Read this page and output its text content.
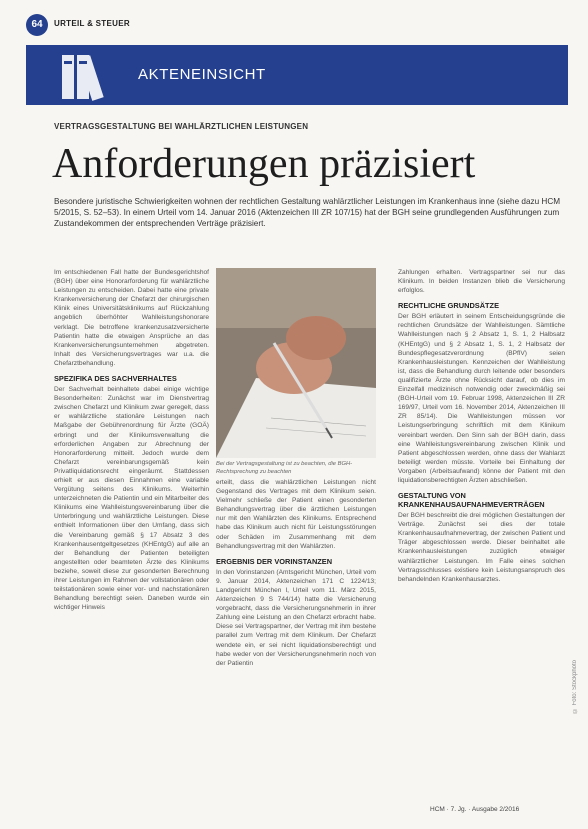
64	URTEIL & STEUER
AKTENEINSICHT
VERTRAGSGESTALTUNG BEI WAHLÄRZTLICHEN LEISTUNGEN
Anforderungen präzisiert
Besondere juristische Schwierigkeiten wohnen der rechtlichen Gestaltung wahlärztlicher Leistungen im Krankenhaus inne (siehe dazu HCM 5/2015, S. 52–53). In einem Urteil vom 14. Januar 2016 (Aktenzeichen III ZR 107/15) hat der BGH seine grundlegenden Ausführungen zum Zustandekommen der entsprechenden Verträge präzisiert.

Im entschiedenen Fall hatte der Bundesgerichtshof (BGH) über eine Honorarforderung für wahlärztliche Leistungen zu entscheiden. Dabei hatte eine private Krankenversicherung der Chefarzt der chirurgischen Klinik eines Universitätsklinikums auf Rückzahlung angeblich überhöhter Wahlleistungshonorare verklagt. Die betroffene krankenzusatzversicherte Patientin hatte die etwaigen Ansprüche an das Krankenversicherungsunternehmen abgetreten. Inhalt des Versicherungsvertrages war u.a. die Chefarztbehandlung.

SPEZIFIKA DES SACHVERHALTES

Der Sachverhalt beinhaltete dabei einige wichtige Besonderheiten: Zunächst war im Dienstvertrag zwischen Chefarzt und Klinikum zwar geregelt, dass er wahlärztliche stationäre Leistungen nach Maßgabe der Gebührenordnung für Ärzte (GOÄ) erbringt und der Klinikumsverwaltung die erforderlichen Angaben zur Abrechnung der Honorarforderung mitteilt. Jedoch wurde dem Chefarzt vereinbarungsgemäß kein Privatliquidationsrecht eingeräumt. Stattdessen erhielt er aus diesen Einnahmen eine variable Vergütung seitens des Klinikums. Weiterhin unterzeichneten die Patientin und ein Mitarbeiter des Klinikums eine Wahlleistungsvereinbarung über die Unterbringung und wahlärztliche Leistungen. Diese enthielt Informationen über den Umfang, dass sich die Vereinbarung gemäß § 17 Absatz 3 des Krankenhausentgeltgesetzes (KHEntgG) auf alle an der Behandlung der Patienten beteiligten angestellten oder beamteten Ärzte des Klinikums beziehe, soweit diese zur gesonderten Berechnung ihrer Leistungen im Rahmen der vollstationären oder teilstationären sowie einer vor- und nachstationären Behandlung berechtigt seien. Daneben wurde ein wichtiger Hinweis

Bei der Vertragsgestaltung ist zu beachten, die BGH-Rechtsprechung zu beachten

erteilt, dass die wahlärztlichen Leistungen nicht Gegenstand des Vertrages mit dem Klinikum seien. Vielmehr schließe der Patient einen gesonderten Behandlungsvertrag über die ärztlichen Leistungen nur mit den Wahlärzten des Klinikums. Entsprechend habe das Klinikum auch nicht für Leistungsstörungen oder Schäden im Zusammenhang mit dem Behandlungsvertrag mit den Wahlärzten.

ERGEBNIS DER VORINSTANZEN

In den Vorinstanzen (Amtsgericht München, Urteil vom 9. Januar 2014, Aktenzeichen 171 C 1224/13; Landgericht München I, Urteil vom 11. März 2015, Aktenzeichen 9 S 744/14) hatte die Versicherung vorgebracht, dass die Versicherungsnehmerin in ihrer Zahlung eine Leistung an den Chefarzt erbracht habe. Diese sei Vertragspartner, der Vertrag mit ihm bestehe parallel zum Vertrag mit dem Klinikum. Der Chefarzt wendete ein, er sei nicht liquidationsberechtigt und habe weder von der Versicherungsnehmerin noch von der Patientin

Zahlungen erhalten. Vertragspartner sei nur das Klinikum. In beiden Instanzen blieb die Versicherung erfolglos.

RECHTLICHE GRUNDSÄTZE

Der BGH erläutert in seinem Entscheidungsgründe die rechtlichen Grundsätze der Wahlleistungen. Sämtliche Wahlleistungen nach § 2 Absatz 1, S. 1, 2 Halbsatz (KHEntgG) und § 2 Absatz 1, S. 1, 2 Halbsatz der Bundespflegesatzverordnung (BPflV) seien Krankenhausleistungen. Kennzeichen der Wahlleistung ist, dass die Behandlung durch leitende oder besonders qualifizierte Ärzte ohne Rücksicht darauf, ob dies im Einzelfall medizinisch notwendig oder zweckmäßig sei (BGH-Urteil vom 19. Februar 1998, Aktenzeichen III ZR 169/97, Urteil vom 16. November 2014, Aktenzeichen III ZR 85/14). Die Wahlleistungen müssen vor Leistungserbringung schriftlich mit dem Klinikum vereinbart werden. Den Sinn sah der BGH darin, dass eine Wahlleistungsvereinbarung zwischen Klinik und Patient abgeschlossen werden, ohne dass der Wahlarzt beteiligt werden müsste. Vorteile bei Einhaltung der Vorgaben (Arbeitsaufwand) könne der Patient mit den liquidationsberechtigten Ärzten abschließen.

GESTALTUNG VON KRANKENHAUSAUFNAHMEVERTRÄGEN

Der BGH beschreibt die drei möglichen Gestaltungen der Verträge. Zunächst sei dies der totale Krankenhausaufnahmevertrag, der zwischen Patient und Träger abgeschlossen werde. Dieser beinhaltet alle Krankenhausleistungen zuzüglich etwaiger wahlärztlicher Leistungen. Im Falle eines solchen Vertragsschlusses existiere kein Leistungsanspruch des behandelnden Krankenhausarztes.

© Foto: Stockphoto
HCM · 7. Jg. · Ausgabe 2/2016
